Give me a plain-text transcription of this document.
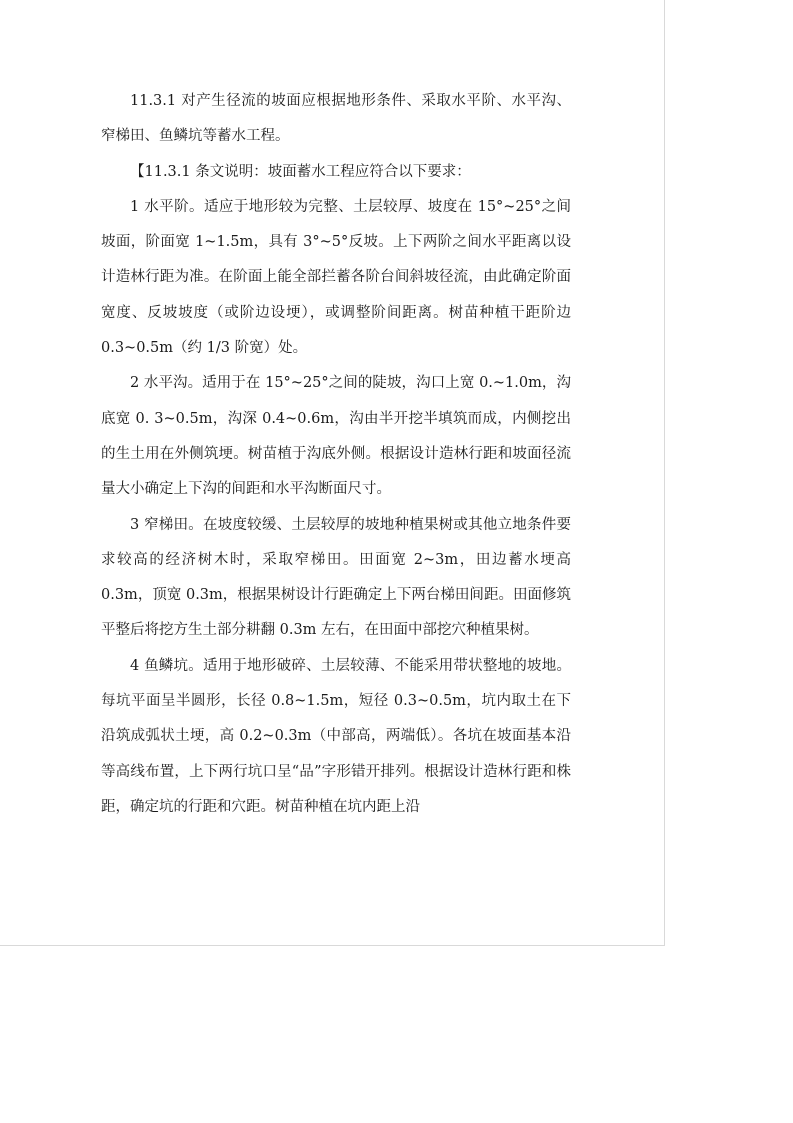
11.3.1 对产生径流的坡面应根据地形条件、采取水平阶、水平沟、窄梯田、鱼鳞坑等蓄水工程。

【11.3.1 条文说明：坡面蓄水工程应符合以下要求：

1 水平阶。适应于地形较为完整、土层较厚、坡度在 15°~25°之间坡面，阶面宽 1~1.5m，具有 3°~5°反坡。上下两阶之间水平距离以设计造林行距为准。在阶面上能全部拦蓄各阶台间斜坡径流，由此确定阶面宽度、反坡坡度（或阶边设埂），或调整阶间距离。树苗种植干距阶边 0.3~0.5m（约 1/3 阶宽）处。

2 水平沟。适用于在 15°~25°之间的陡坡，沟口上宽 0.~1.0m，沟底宽 0. 3~0.5m，沟深 0.4~0.6m，沟由半开挖半填筑而成，内侧挖出的生土用在外侧筑埂。树苗植于沟底外侧。根据设计造林行距和坡面径流量大小确定上下沟的间距和水平沟断面尺寸。

3 窄梯田。在坡度较缓、土层较厚的坡地种植果树或其他立地条件要求较高的经济树木时，采取窄梯田。田面宽 2~3m，田边蓄水埂高 0.3m，顶宽 0.3m，根据果树设计行距确定上下两台梯田间距。田面修筑平整后将挖方生土部分耕翻 0.3m 左右，在田面中部挖穴种植果树。

4 鱼鳞坑。适用于地形破碎、土层较薄、不能采用带状整地的坡地。每坑平面呈半圆形，长径 0.8~1.5m，短径 0.3~0.5m，坑内取土在下沿筑成弧状土埂，高 0.2~0.3m（中部高，两端低）。各坑在坡面基本沿等高线布置，上下两行坑口呈“品”字形错开排列。根据设计造林行距和株距，确定坑的行距和穴距。树苗种植在坑内距上沿
